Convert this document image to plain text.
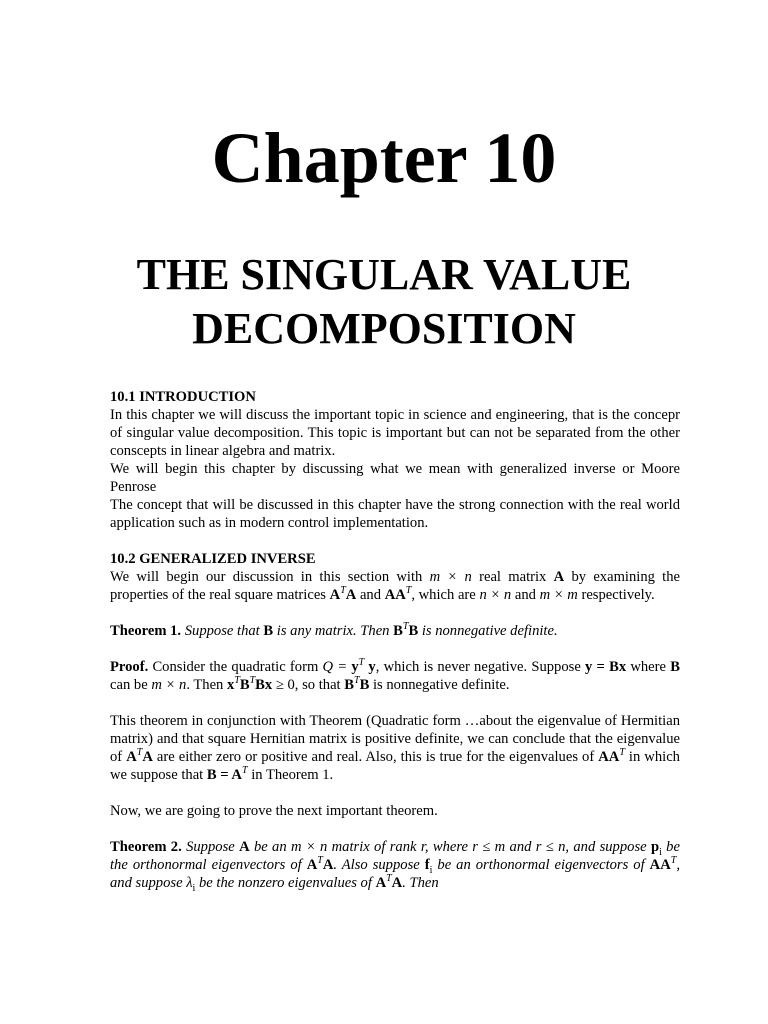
Chapter 10
THE SINGULAR VALUE DECOMPOSITION

10.1 INTRODUCTION

In this chapter we will discuss the important topic in science and engineering, that is the concepr of singular value decomposition. This topic is important but can not be separated from the other conscepts in linear algebra and matrix.

We will begin this chapter by discussing what we mean with generalized inverse or Moore Penrose

The concept that will be discussed in this chapter have the strong connection with the real world application such as in modern control implementation.

10.2 GENERALIZED INVERSE

We will begin our discussion in this section with m × n real matrix A by examining the properties of the real square matrices $A^TA$ and $AA^T$, which are n × n and m × m respectively.

Theorem 1. Suppose that B is any matrix. Then $B^TB$ is nonnegative definite.

Proof. Consider the quadratic form $Q = y^T$ y, which is never negative. Suppose y = Bx where B can be m × n. Then $x^TB^TBx \ge 0$, so that $B^TB$ is nonnegative definite.

This theorem in conjunction with Theorem (Quadratic form …about the eigenvalue of Hermitian matrix) and that square Hernitian matrix is positive definite, we can conclude that the eigenvalue of $A^TA$ are either zero or positive and real. Also, this is true for the eigenvalues of $AA^T$ in which we suppose that $B = A^T$ in Theorem 1.

Now, we are going to prove the next important theorem.

Theorem 2. Suppose A be an m × n matrix of rank r, where r ≤ m and r ≤ n, and suppose $p_i$ be the orthonormal eigenvectors of $A^TA$. Also suppose $f_i$ be an orthonormal eigenvectors of $AA^T$, and suppose $\lambda_i$ be the nonzero eigenvalues of $A^TA$. Then
